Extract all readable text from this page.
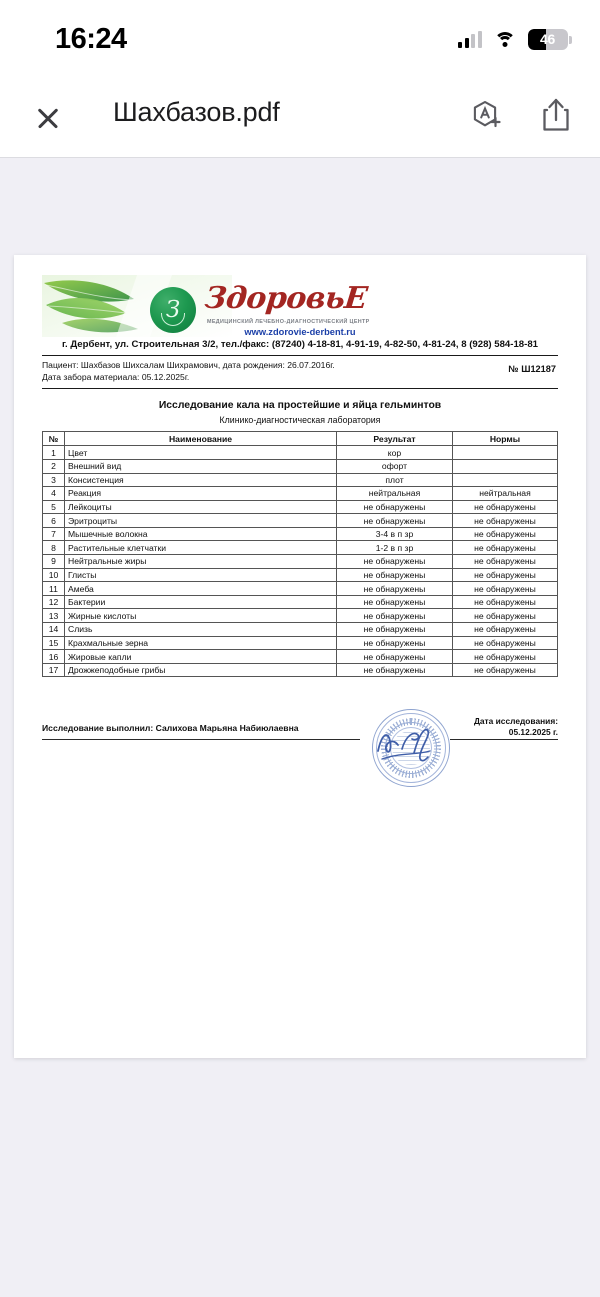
16:24	46
Шахбазов.pdf
З ЗдоровьЕ
МЕДИЦИНСКИЙ ЛЕЧЕБНО-ДИАГНОСТИЧЕСКИЙ ЦЕНТР
www.zdorovie-derbent.ru
г. Дербент, ул. Строительная 3/2, тел./факс: (87240) 4-18-81, 4-91-19, 4-82-50, 4-81-24, 8 (928) 584-18-81
Пациент: Шахбазов Шихсалам Шихрамович, дата рождения: 26.07.2016г.
Дата забора материала: 05.12.2025г.
№ Ш12187
Исследование кала на простейшие и яйца гельминтов
Клинико-диагностическая лаборатория
№	Наименование	Результат	Нормы
1	Цвет	кор	
2	Внешний вид	офорт	
3	Консистенция	плот	
4	Реакция	нейтральная	нейтральная
5	Лейкоциты	не обнаружены	не обнаружены
6	Эритроциты	не обнаружены	не обнаружены
7	Мышечные волокна	3-4 в п зр	не обнаружены
8	Растительные клетчатки	1-2 в п зр	не обнаружены
9	Нейтральные жиры	не обнаружены	не обнаружены
10	Глисты	не обнаружены	не обнаружены
11	Амеба	не обнаружены	не обнаружены
12	Бактерии	не обнаружены	не обнаружены
13	Жирные кислоты	не обнаружены	не обнаружены
14	Слизь	не обнаружены	не обнаружены
15	Крахмальные зерна	не обнаружены	не обнаружены
16	Жировые капли	не обнаружены	не обнаружены
17	Дрожжеподобные грибы	не обнаружены	не обнаружены
Исследование выполнил: Салихова Марьяна Набиюлаевна
Дата исследования:
05.12.2025 г.
